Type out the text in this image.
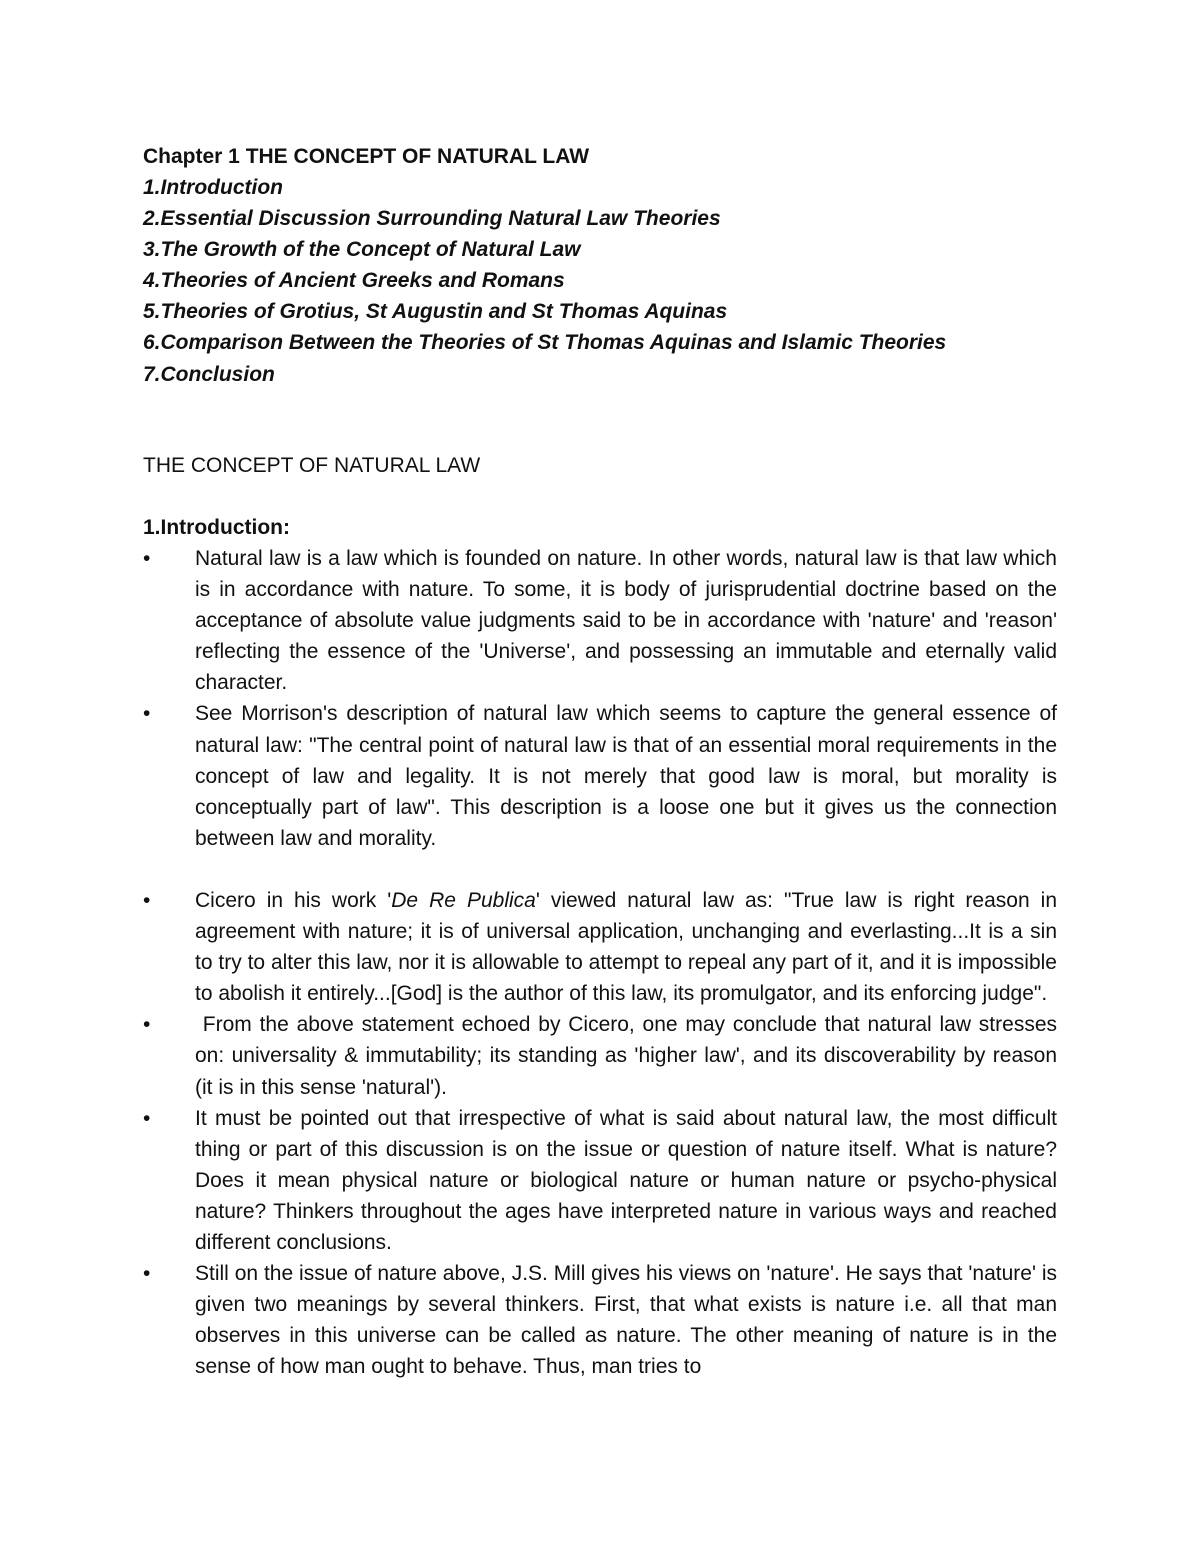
Chapter 1 THE CONCEPT OF NATURAL LAW

1.Introduction
2.Essential Discussion Surrounding Natural Law Theories
3.The Growth of the Concept of Natural Law
4.Theories of Ancient Greeks and Romans
5.Theories of Grotius, St Augustin and St Thomas Aquinas
6.Comparison Between the Theories of St Thomas Aquinas and Islamic Theories
7.Conclusion
THE CONCEPT OF NATURAL LAW
1.Introduction:
•	Natural law is a law which is founded on nature. In other words, natural law is that law which is in accordance with nature. To some, it is body of jurisprudential doctrine based on the acceptance of absolute value judgments said to be in accordance with 'nature' and 'reason' reflecting the essence of the 'Universe', and possessing an immutable and eternally valid character.
•	See Morrison's description of natural law which seems to capture the general essence of natural law: "The central point of natural law is that of an essential moral requirements in the concept of law and legality. It is not merely that good law is moral, but morality is conceptually part of law". This description is a loose one but it gives us the connection between law and morality.
•	Cicero in his work 'De Re Publica' viewed natural law as: "True law is right reason in agreement with nature; it is of universal application, unchanging and everlasting...It is a sin to try to alter this law, nor it is allowable to attempt to repeal any part of it, and it is impossible to abolish it entirely...[God] is the author of this law, its promulgator, and its enforcing judge".
•	From the above statement echoed by Cicero, one may conclude that natural law stresses on: universality & immutability; its standing as 'higher law', and its discoverability by reason (it is in this sense 'natural').
•	It must be pointed out that irrespective of what is said about natural law, the most difficult thing or part of this discussion is on the issue or question of nature itself. What is nature? Does it mean physical nature or biological nature or human nature or psycho-physical nature? Thinkers throughout the ages have interpreted nature in various ways and reached different conclusions.
•	Still on the issue of nature above, J.S. Mill gives his views on 'nature'. He says that 'nature' is given two meanings by several thinkers. First, that what exists is nature i.e. all that man observes in this universe can be called as nature. The other meaning of nature is in the sense of how man ought to behave. Thus, man tries to
